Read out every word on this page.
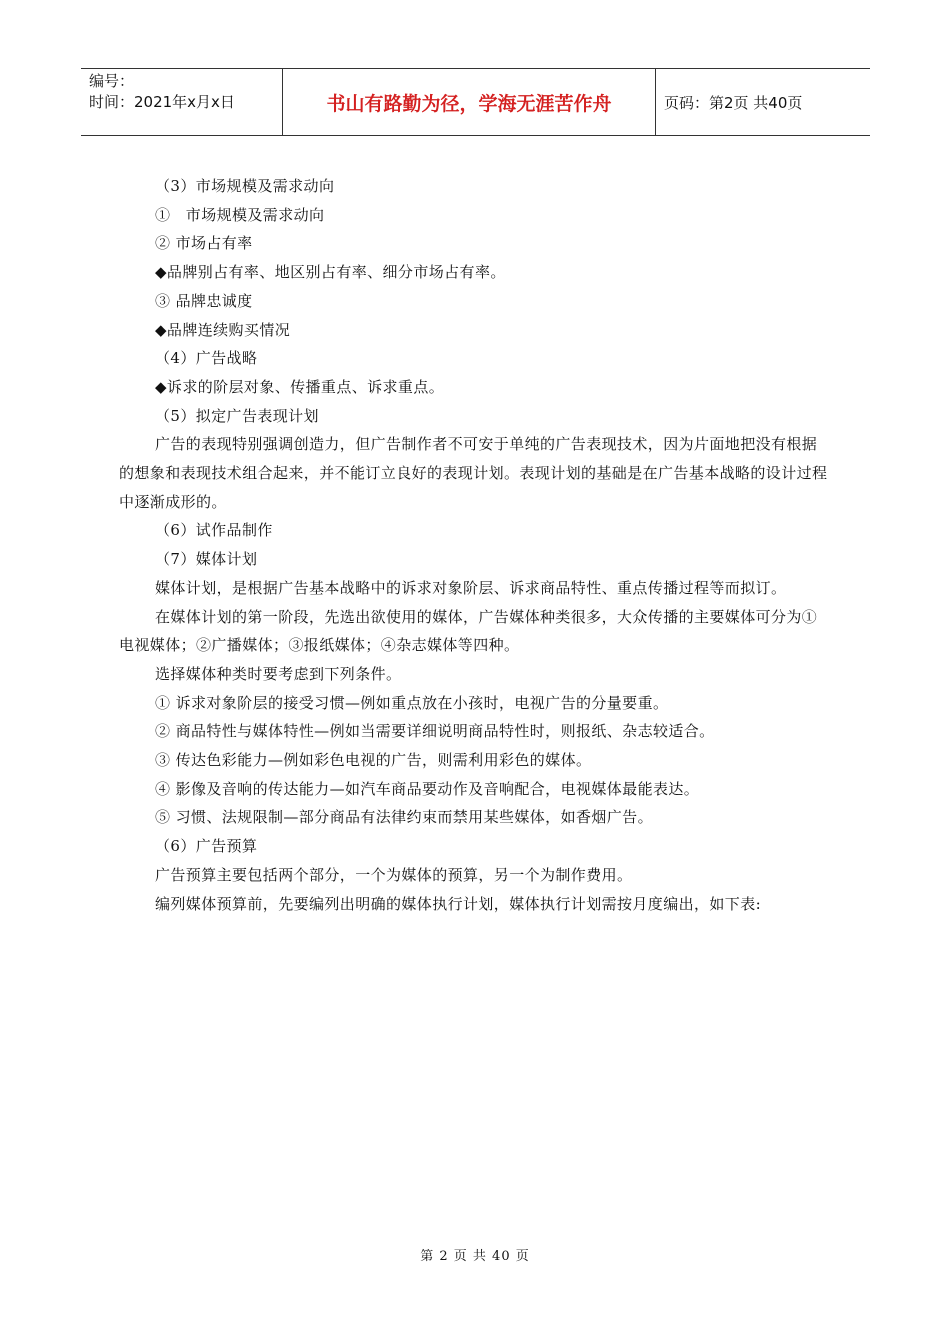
编号：
时间：2021年x月x日	书山有路勤为径，学海无涯苦作舟	页码：第2页 共40页

（3）市场规模及需求动向

①　市场规模及需求动向

② 市场占有率

◆品牌别占有率、地区别占有率、细分市场占有率。

③ 品牌忠诚度

◆品牌连续购买情况

（4）广告战略

◆诉求的阶层对象、传播重点、诉求重点。

（5）拟定广告表现计划

广告的表现特别强调创造力，但广告制作者不可安于单纯的广告表现技术，因为片面地把没有根据的想象和表现技术组合起来，并不能订立良好的表现计划。表现计划的基础是在广告基本战略的设计过程中逐渐成形的。

（6）试作品制作

（7）媒体计划

媒体计划，是根据广告基本战略中的诉求对象阶层、诉求商品特性、重点传播过程等而拟订。

在媒体计划的第一阶段，先选出欲使用的媒体，广告媒体种类很多，大众传播的主要媒体可分为①电视媒体；②广播媒体；③报纸媒体；④杂志媒体等四种。

选择媒体种类时要考虑到下列条件。

① 诉求对象阶层的接受习惯—例如重点放在小孩时，电视广告的分量要重。

② 商品特性与媒体特性—例如当需要详细说明商品特性时，则报纸、杂志较适合。

③ 传达色彩能力—例如彩色电视的广告，则需利用彩色的媒体。

④ 影像及音响的传达能力—如汽车商品要动作及音响配合，电视媒体最能表达。

⑤ 习惯、法规限制—部分商品有法律约束而禁用某些媒体，如香烟广告。

（6）广告预算

广告预算主要包括两个部分，一个为媒体的预算，另一个为制作费用。

编列媒体预算前，先要编列出明确的媒体执行计划，媒体执行计划需按月度编出，如下表:

第 2 页 共 40 页
